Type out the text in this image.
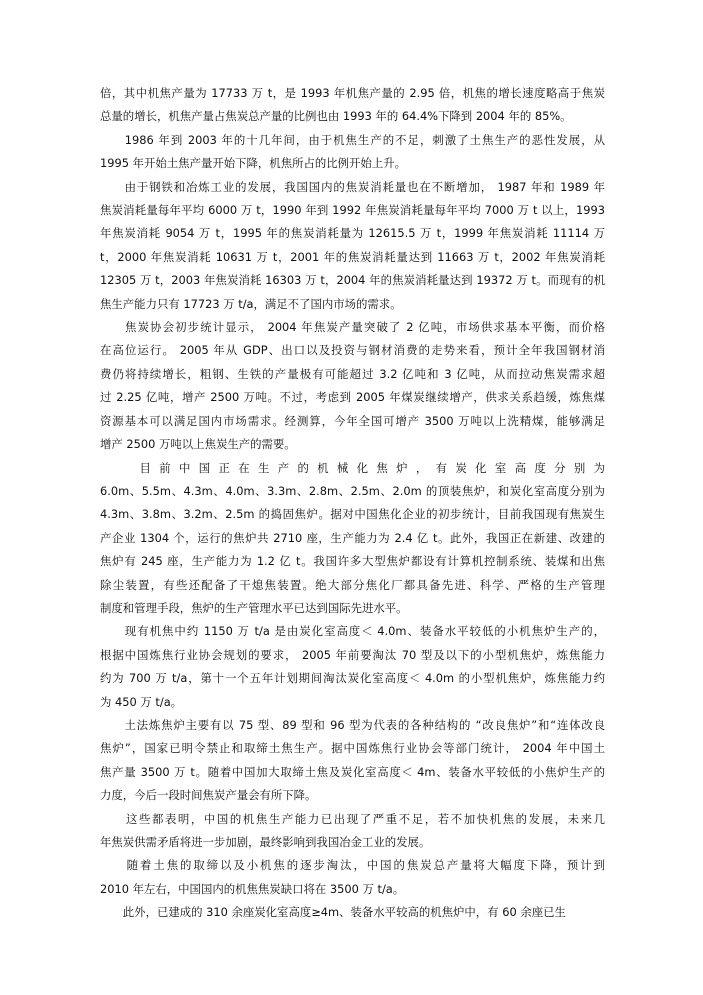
倍，其中机焦产量为 17733 万 t，是 1993 年机焦产量的 2.95 倍，机焦的增长速度略高于焦炭
总量的增长，机焦产量占焦炭总产量的比例也由 1993 年的 64.4%下降到 2004 年的 85%。
　　1986 年到 2003 年的十几年间，由于机焦生产的不足，刺激了土焦生产的恶性发展，从
1995 年开始土焦产量开始下降，机焦所占的比例开始上升。
　　由于钢铁和冶炼工业的发展，我国国内的焦炭消耗量也在不断增加， 1987 年和 1989 年
焦炭消耗量每年平均 6000 万 t，1990 年到 1992 年焦炭消耗量每年平均 7000 万 t 以上，1993
年焦炭消耗 9054 万 t，1995 年的焦炭消耗量为 12615.5 万 t，1999 年焦炭消耗 11114 万
t，2000 年焦炭消耗 10631 万 t，2001 年的焦炭消耗量达到 11663 万 t，2002 年焦炭消耗
12305 万 t，2003 年焦炭消耗 16303 万 t，2004 年的焦炭消耗量达到 19372 万 t。而现有的机
焦生产能力只有 17723 万 t/a，满足不了国内市场的需求。
　　焦炭协会初步统计显示， 2004 年焦炭产量突破了 2 亿吨，市场供求基本平衡，而价格
在高位运行。 2005 年从 GDP、出口以及投资与钢材消费的走势来看，预计全年我国钢材消
费仍将持续增长，粗钢、生铁的产量极有可能超过 3.2 亿吨和 3 亿吨，从而拉动焦炭需求超
过 2.25 亿吨，增产 2500 万吨。不过，考虑到 2005 年煤炭继续增产，供求关系趋缓，炼焦煤
资源基本可以满足国内市场需求。经测算，今年全国可增产 3500 万吨以上洗精煤，能够满足
增产 2500 万吨以上焦炭生产的需要。
　　目前中国正在生产的机械化焦炉，有炭化室高度分别为
6.0m、5.5m、4.3m、4.0m、3.3m、2.8m、2.5m、2.0m 的顶装焦炉，和炭化室高度分别为
4.3m、3.8m、3.2m、2.5m 的捣固焦炉。据对中国焦化企业的初步统计，目前我国现有焦炭生
产企业 1304 个，运行的焦炉共 2710 座，生产能力为 2.4 亿 t。此外，我国正在新建、改建的
焦炉有 245 座，生产能力为 1.2 亿 t。我国许多大型焦炉都设有计算机控制系统、装煤和出焦
除尘装置，有些还配备了干熄焦装置。绝大部分焦化厂都具备先进、科学、严格的生产管理
制度和管理手段，焦炉的生产管理水平已达到国际先进水平。
　　现有机焦中约 1150 万 t/a 是由炭化室高度＜ 4.0m、装备水平较低的小机焦炉生产的，
根据中国炼焦行业协会规划的要求， 2005 年前要淘汰 70 型及以下的小型机焦炉，炼焦能力
约为 700 万 t/a，第十一个五年计划期间淘汰炭化室高度＜ 4.0m 的小型机焦炉，炼焦能力约
为 450 万 t/a。
　　土法炼焦炉主要有以 75 型、89 型和 96 型为代表的各种结构的 “改良焦炉”和“连体改良
焦炉”，国家已明令禁止和取缔土焦生产。据中国炼焦行业协会等部门统计， 2004 年中国土
焦产量 3500 万 t。随着中国加大取缔土焦及炭化室高度＜ 4m、装备水平较低的小焦炉生产的
力度，今后一段时间焦炭产量会有所下降。
　　这些都表明，中国的机焦生产能力已出现了严重不足，若不加快机焦的发展，未来几
年焦炭供需矛盾将进一步加剧，最终影响到我国冶金工业的发展。
　　随着土焦的取缔以及小机焦的逐步淘汰，中国的焦炭总产量将大幅度下降，预计到
2010 年左右，中国国内的机焦焦炭缺口将在 3500 万 t/a。
　　此外，已建成的 310 余座炭化室高度≥4m、装备水平较高的机焦炉中，有 60 余座已生
